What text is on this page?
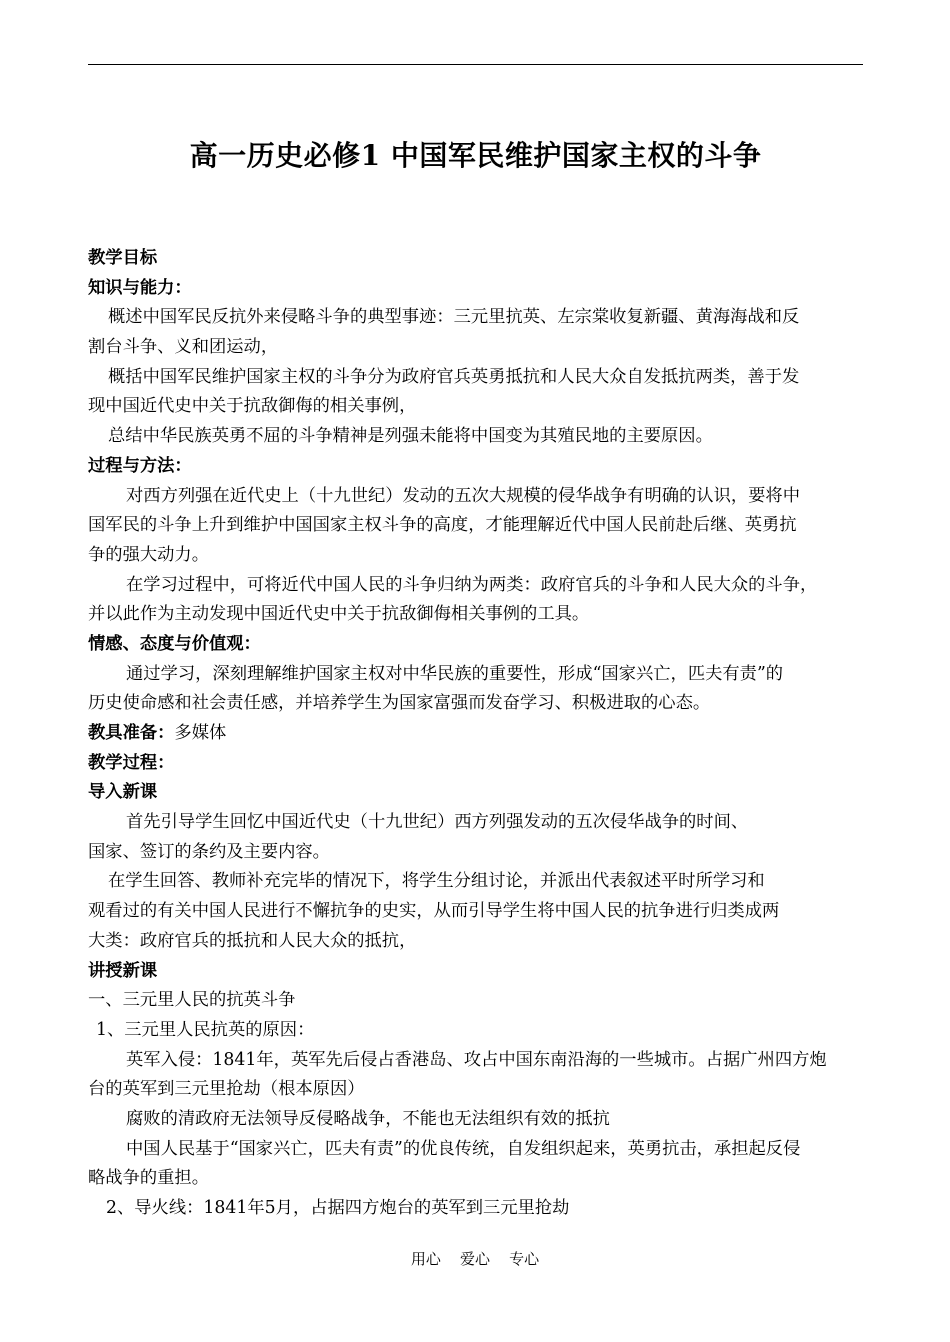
高一历史必修1 中国军民维护国家主权的斗争
教学目标
知识与能力：
概述中国军民反抗外来侵略斗争的典型事迹：三元里抗英、左宗棠收复新疆、黄海海战和反
割台斗争、义和团运动，
概括中国军民维护国家主权的斗争分为政府官兵英勇抵抗和人民大众自发抵抗两类，善于发
现中国近代史中关于抗敌御侮的相关事例，
总结中华民族英勇不屈的斗争精神是列强未能将中国变为其殖民地的主要原因。
过程与方法：
对西方列强在近代史上（十九世纪）发动的五次大规模的侵华战争有明确的认识，要将中
国军民的斗争上升到维护中国国家主权斗争的高度，才能理解近代中国人民前赴后继、英勇抗
争的强大动力。
在学习过程中，可将近代中国人民的斗争归纳为两类：政府官兵的斗争和人民大众的斗争，
并以此作为主动发现中国近代史中关于抗敌御侮相关事例的工具。
情感、态度与价值观：
通过学习，深刻理解维护国家主权对中华民族的重要性，形成“国家兴亡，匹夫有责”的
历史使命感和社会责任感，并培养学生为国家富强而发奋学习、积极进取的心态。
教具准备：多媒体
教学过程：
导入新课
首先引导学生回忆中国近代史（十九世纪）西方列强发动的五次侵华战争的时间、
国家、签订的条约及主要内容。
在学生回答、教师补充完毕的情况下，将学生分组讨论，并派出代表叙述平时所学习和
观看过的有关中国人民进行不懈抗争的史实，从而引导学生将中国人民的抗争进行归类成两
大类：政府官兵的抵抗和人民大众的抵抗，
讲授新课
一、三元里人民的抗英斗争
1、三元里人民抗英的原因：
英军入侵：1841年，英军先后侵占香港岛、攻占中国东南沿海的一些城市。占据广州四方炮
台的英军到三元里抢劫（根本原因）
腐败的清政府无法领导反侵略战争，不能也无法组织有效的抵抗
中国人民基于“国家兴亡，匹夫有责”的优良传统，自发组织起来，英勇抗击，承担起反侵
略战争的重担。
2、导火线：1841年5月，占据四方炮台的英军到三元里抢劫
用心    爱心    专心
